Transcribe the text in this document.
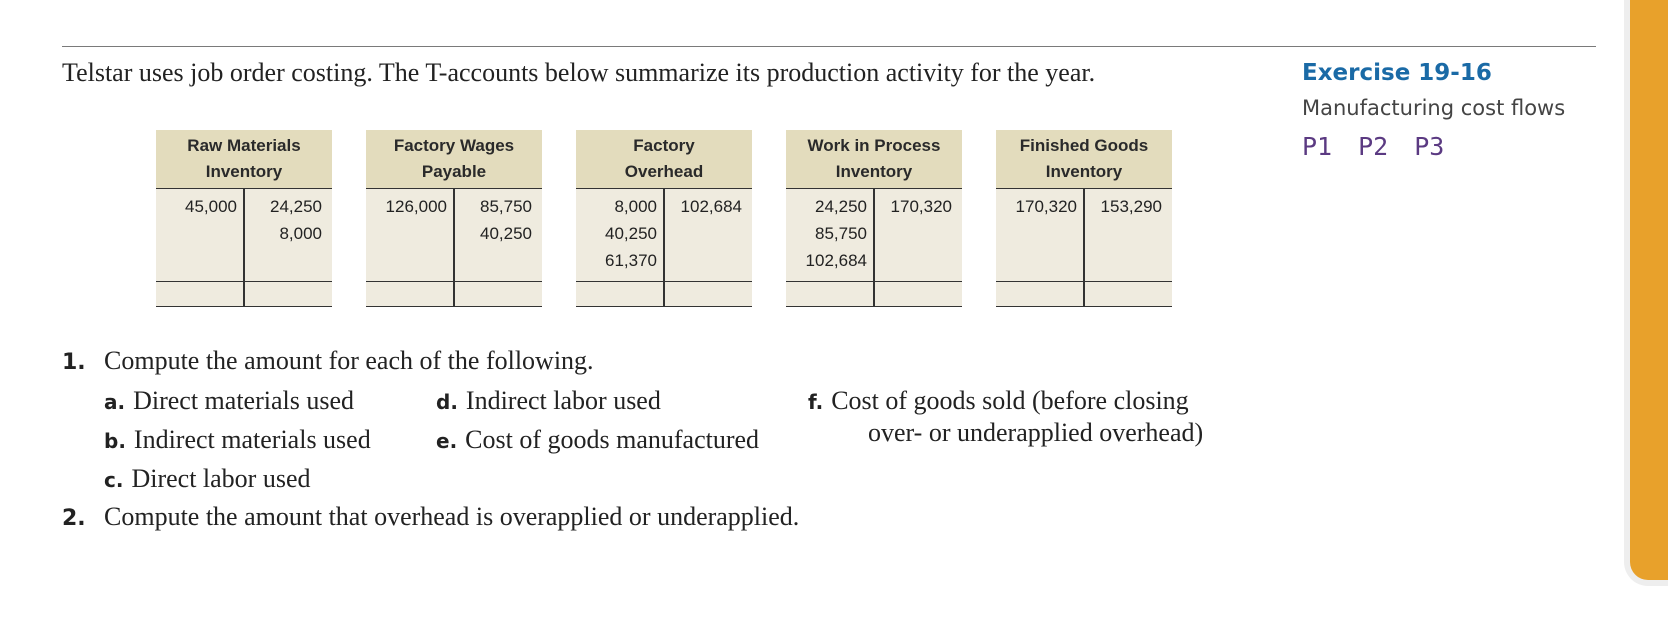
Telstar uses job order costing. The T-accounts below summarize its production activity for the year.	Exercise 19-16
Manufacturing cost flows
P1 P2 P3
Raw Materials
Inventory
45,000 24,250
8,000
Factory Wages
Payable
126,000 85,750
40,250
Factory
Overhead
8,000
40,250
61,370
102,684
Work in Process
Inventory
24,250
85,750
102,684
170,320
Finished Goods
Inventory
170,320 153,290
1. Compute the amount for each of the following.
a. Direct materials used
b. Indirect materials used
c. Direct labor used
d. Indirect labor used
e. Cost of goods manufactured
f. Cost of goods sold (before closing
over- or underapplied overhead)
2. Compute the amount that overhead is overapplied or underapplied.
